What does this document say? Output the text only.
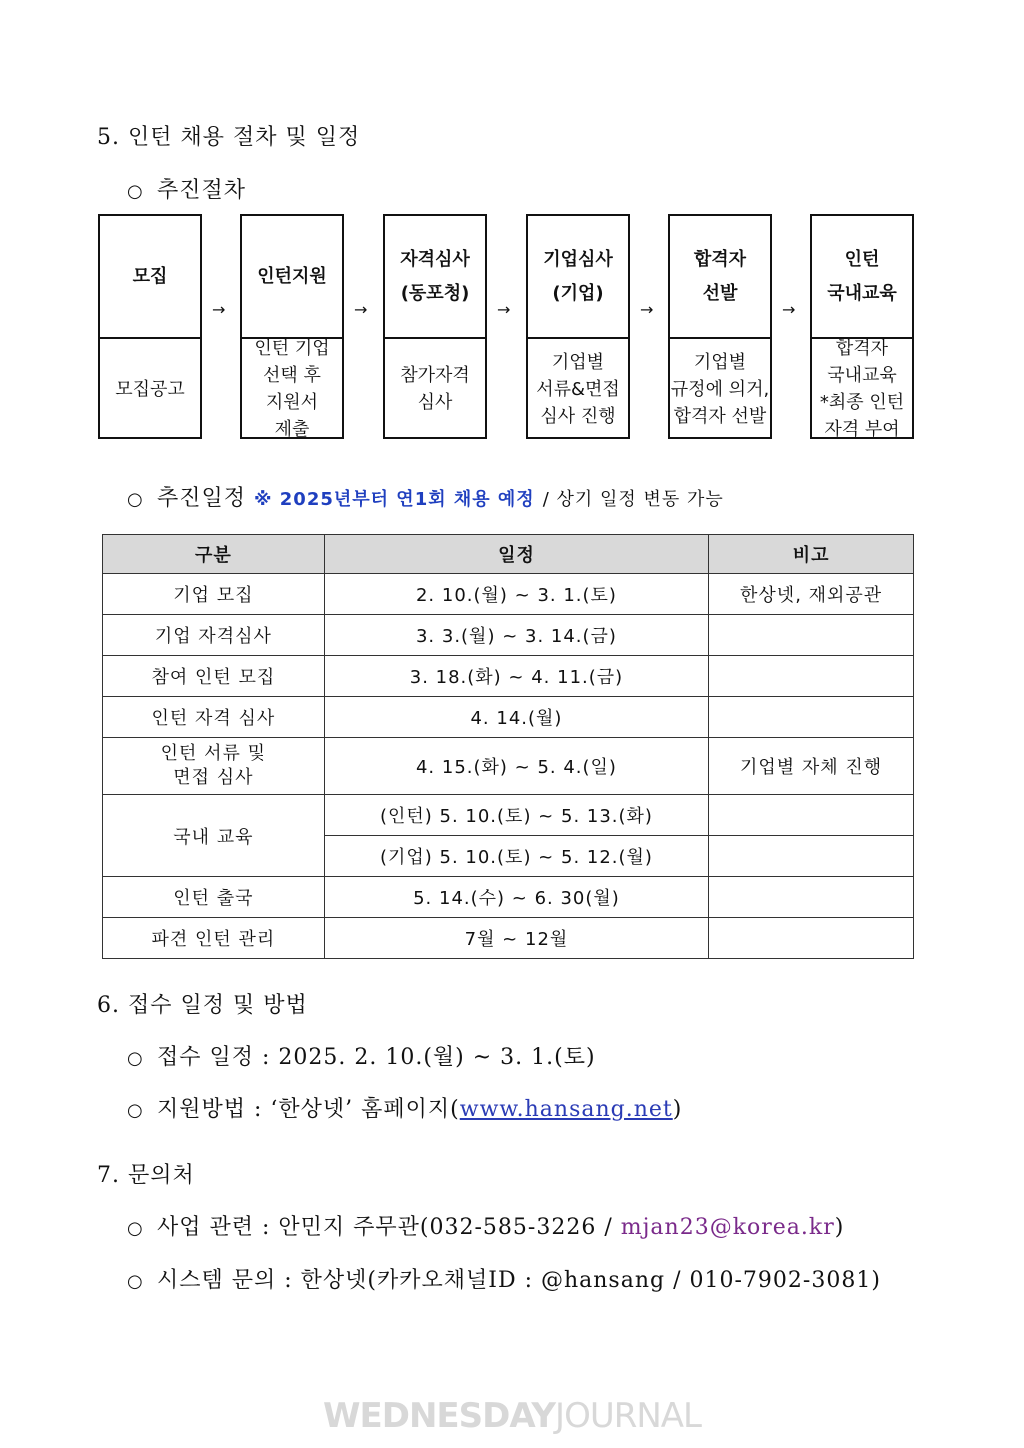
5. 인턴 채용 절차 및 일정
○ 추진절차
모집
모집공고
→
인턴지원
인턴 기업
선택 후
지원서
제출
→
자격심사
(동포청)
참가자격
심사
→
기업심사
(기업)
기업별
서류&면접
심사 진행
→
합격자
선발
기업별
규정에 의거,
합격자 선발
→
인턴
국내교육
합격자
국내교육
*최종 인턴
자격 부여
○ 추진일정 ※ 2025년부터 연1회 채용 예정 / 상기 일정 변동 가능
구분	일정	비고
기업 모집	2. 10.(월) ~ 3. 1.(토)	한상넷, 재외공관
기업 자격심사	3. 3.(월) ~ 3. 14.(금)	
참여 인턴 모집	3. 18.(화) ~ 4. 11.(금)	
인턴 자격 심사	4. 14.(월)	
인턴 서류 및
면접 심사	4. 15.(화) ~ 5. 4.(일)	기업별 자체 진행
국내 교육	(인턴) 5. 10.(토) ~ 5. 13.(화)	
	(기업) 5. 10.(토) ~ 5. 12.(월)	
인턴 출국	5. 14.(수) ~ 6. 30(월)	
파견 인턴 관리	7월 ~ 12월	
6. 접수 일정 및 방법
○ 접수 일정 : 2025. 2. 10.(월) ~ 3. 1.(토)
○ 지원방법 : ‘한상넷’ 홈페이지(www.hansang.net)
7. 문의처
○ 사업 관련 : 안민지 주무관(032-585-3226 / mjan23@korea.kr)
○ 시스템 문의 : 한상넷(카카오채널ID : @hansang / 010-7902-3081)
WEDNESDAYJOURNAL
